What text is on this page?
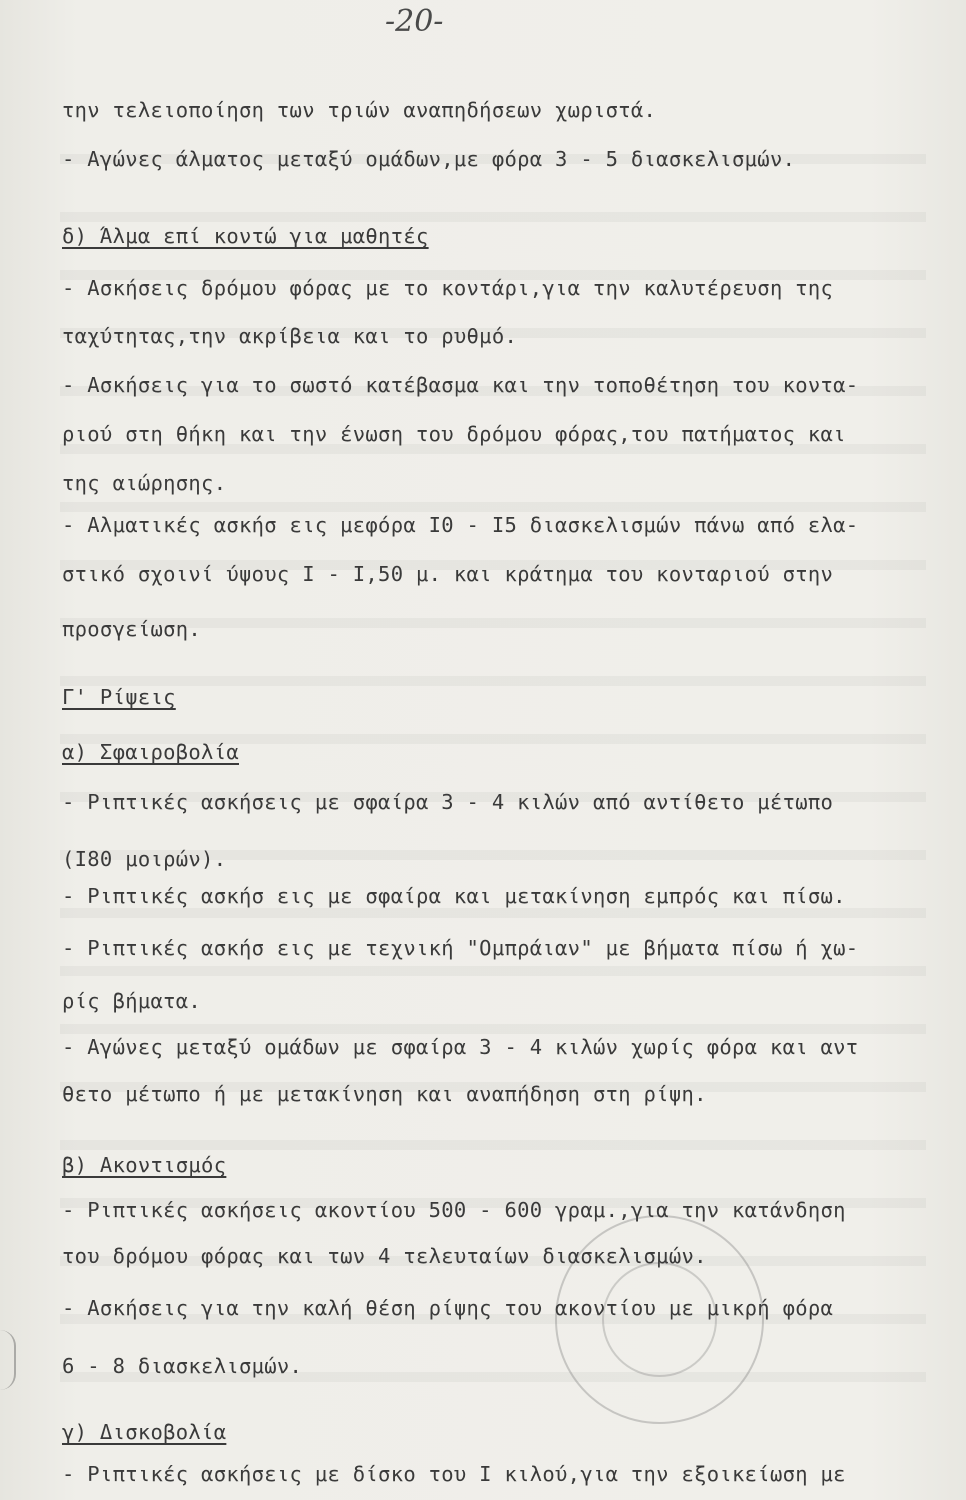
-20-
την τελειοποίηση των τριών αναπηδήσεων χωριστά.
- Αγώνες άλματος μεταξύ ομάδων,με φόρα 3 - 5 διασκελισμών.
δ) Άλμα επί κοντώ για μαθητές
- Ασκήσεις δρόμου φόρας με το κοντάρι,για την καλυτέρευση της
ταχύτητας,την ακρίβεια και το ρυθμό.
- Ασκήσεις για το σωστό κατέβασμα και την τοποθέτηση του κοντα-
ριού στη θήκη και την ένωση του δρόμου φόρας,του πατήματος και
της αιώρησης.
- Αλματικές ασκήσ εις μεφόρα Ι0 - Ι5 διασκελισμών πάνω από ελα-
στικό σχοινί ύψους Ι - Ι,50 μ. και κράτημα του κονταριού στην
προσγείωση.
Γ' Ρίψεις
α) Σφαιροβολία
- Ριπτικές ασκήσεις με σφαίρα 3 - 4 κιλών από αντίθετο μέτωπο
(Ι80 μοιρών).
- Ριπτικές ασκήσ εις με σφαίρα και μετακίνηση εμπρός και πίσω.
- Ριπτικές ασκήσ εις με τεχνική "Ομπράιαν" με βήματα πίσω ή χω-
ρίς βήματα.
- Αγώνες μεταξύ ομάδων με σφαίρα 3 - 4 κιλών χωρίς φόρα και αντ
θετο μέτωπο ή με μετακίνηση και αναπήδηση στη ρίψη.
β) Ακοντισμός
- Ριπτικές ασκήσεις ακοντίου 500 - 600 γραμ.,για την κατάνδηση
του δρόμου φόρας και των 4 τελευταίων διασκελισμών.
- Ασκήσεις για την καλή θέση ρίψης του ακοντίου με μικρή φόρα
6 - 8 διασκελισμών.
γ) Δισκοβολία
- Ριπτικές ασκήσεις με δίσκο του Ι κιλού,για την εξοικείωση με
